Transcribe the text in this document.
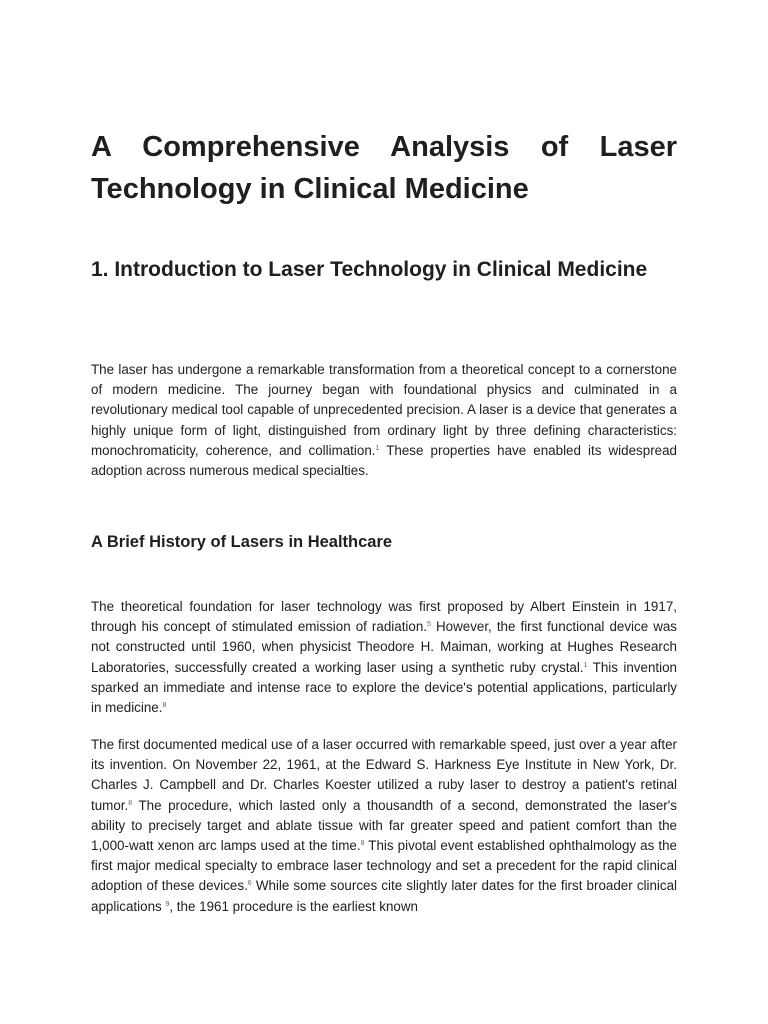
A Comprehensive Analysis of Laser Technology in Clinical Medicine
1. Introduction to Laser Technology in Clinical Medicine

The laser has undergone a remarkable transformation from a theoretical concept to a cornerstone of modern medicine. The journey began with foundational physics and culminated in a revolutionary medical tool capable of unprecedented precision. A laser is a device that generates a highly unique form of light, distinguished from ordinary light by three defining characteristics: monochromaticity, coherence, and collimation.$^1$ These properties have enabled its widespread adoption across numerous medical specialties.

A Brief History of Lasers in Healthcare

The theoretical foundation for laser technology was first proposed by Albert Einstein in 1917, through his concept of stimulated emission of radiation.$^5$ However, the first functional device was not constructed until 1960, when physicist Theodore H. Maiman, working at Hughes Research Laboratories, successfully created a working laser using a synthetic ruby crystal.$^1$ This invention sparked an immediate and intense race to explore the device's potential applications, particularly in medicine.$^8$

The first documented medical use of a laser occurred with remarkable speed, just over a year after its invention. On November 22, 1961, at the Edward S. Harkness Eye Institute in New York, Dr. Charles J. Campbell and Dr. Charles Koester utilized a ruby laser to destroy a patient's retinal tumor.$^8$ The procedure, which lasted only a thousandth of a second, demonstrated the laser's ability to precisely target and ablate tissue with far greater speed and patient comfort than the 1,000-watt xenon arc lamps used at the time.$^8$ This pivotal event established ophthalmology as the first major medical specialty to embrace laser technology and set a precedent for the rapid clinical adoption of these devices.$^6$ While some sources cite slightly later dates for the first broader clinical applications $^9$, the 1961 procedure is the earliest known
